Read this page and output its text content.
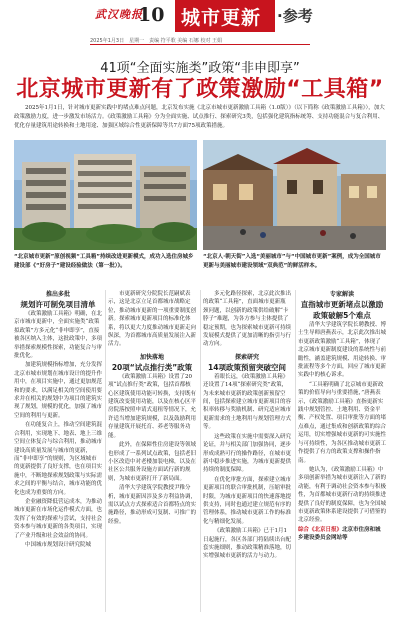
武汉晚报
10 城市更新 ·参考
2025年1月3日　星期一　责编 符平歌 美编 石娜 校对 王娟
41项“全面实施类”政策“非申即享”
北京城市更新有了政策激励“工具箱”

2025年1月1日，针对城市更新实践中的堵点难点问题，北京发布实施《北京市城市更新激励工具箱（1.0版）》（以下简称《政策激励工具箱》），加大政策激励力度，进一步激发市场活力。《政策激励工具箱》分为全面实施、试点推行、探索研究3类，包括强化建筑指标统筹、支持功能混合与复合利用、优化存量建筑用途转换和土地用途、加强区域综合性更新保障等共7方面75项政策措施。

“北京城市更新”原创视频“工具箱”持续改进更新模式，成功入选住房城乡建设部《“好房子”建设经验做法（第一批）》。
“北京人·朝天街”入选“美丽城市”与“中国城市更新”案例，成为全国城市更新与美丽城市建设领域“双典范”的鲜活样本。
推出多批
规划许可制免项目清单

《政策激励工具箱》明确，在北京市城市更新中，全面实施类“政策拟政策”方多元化“非申即享”，直接被各区纳入主体，这批政策中，多项举措探索规模性探索，功能复合与审批优化。

加建筑规模指标增加，充分发挥北京市城市规划在城市设计的提升作用中，在项目实施中，通过更加规范和的要求，以满足相关的空间使用要求并在相关的规划中为项目的建筑实现了规划，规模的优化，加强了城市空间的利用与更新。

在功能复合上，推动空间建筑混合利用，实现地下、地表、地上三维空间立体复合与综合利用，推动城市建设高质量发展与城市的更新，而“非申即享”的规则，为区域城市的更新提供了良好支撑，也在项目实施中，不断地探索规划政策与实际需求之间的平衡与结合，城市功能的优化也成为重要的方向。

企业融资降低营运成本，为推动城市更新在市场化运作模式方面，也发挥了有效的探索与尝试，支持社会资本参与城市更新的各类项目，实现了产业升级和社会效益的协同。

中国城市规划设计研究院城

市更新研究分院院长范嗣斌表示，这是北京立足首都城市战略定位，推动城市更新的一项重要制度创新。探索城市更新项目的标准化体系，将以更大力度推动城市更新走向纵深，为首都城市高质量发展注入新活力。

加快落地
20项“试点推行类”政策

《政策激励工具箱》设置了20项“试点推行类”政策，包括首都核心区建筑使用功能可转换，支持既有建筑改变使用功能，以及在核心区平房院落按照申请式退租等情况下，允许适当增加建筑规模，以及鼓励利用存量建筑开展托育、养老等服务功能。

此外，在保障性住房建设等领域也形成了一系列试点政策，包括老旧小区改造中对老楼加装电梯，以及在社区公共服务设施方面试行新的规则，为城市更新打开了新局面。

清华大学建筑学院教授尹稚分析，城市更新因涉及多方利益协调，需以试点方式探索适合首都特点的实施路径，推动形成可复制、可推广的经验。

多元化路径探索，北京此次推出的政策“工具箱”，直面城市更新瓶颈问题，以创新的政策供给破解“卡脖子”难题，为各方参与主体提供了稳定预期，也为探索城市更新可持续发展模式提供了更加清晰的指引与行动方向。

探索研究
14项政策预留突破空间

着眼长远，《政策激励工具箱》还设置了14项“探索研究类”政策，为未来城市更新的政策创新预留空间，包括探索建立城市更新项目的容积率转移与奖励机制、研究适应城市更新需求的土地利用与规划管理方式等。

这些政策在实施中需要深入研究论证，并与相关部门加强协同，逐步形成成熟可行的操作路径，在城市更新中稳步推进实施，为城市更新提供持续的制度保障。

在优化审批方面，探索建立城市更新项目的联合审批机制，压缩审批时限，为城市更新项目的快速落地提供支持，同时也通过建立规范有序的管理体系，推动城市更新工作的标准化与精细化发展。

《政策激励工具箱》已于1月1日起施行，各区各部门将陆续出台配套实施细则，推动政策精准落地，切实增强城市更新的活力与动力。

专家解读
直指城市更新堵点以激励政策破解5个难点

清华大学建筑学院长聘教授、博士生导师唐燕表示，北京此次推出城市更新政策激励“工具箱”，体现了北京城市更新制度建设的系统性与前瞻性，涵盖建筑规模、用途转换、审批流程等多个方面，回应了城市更新实践中的核心诉求。

“工具箱明确了北京城市更新政策的价值导向与重要措施，”唐燕表示，《政策激励工具箱》直指更新实践中规划管控、土地利用、资金平衡、产权处置、项目审批等方面的堵点难点，通过集成和创新政策的综合运用，切实增强城市更新的可实施性与可持续性，为各区推动城市更新工作提供了有力的政策支撑和操作指南。

她认为，《政策激励工具箱》中多项创新举措为城市更新注入了新的动能，有利于调动社会资本参与积极性，为首都城市更新行动的持续推进提供了良好的制度保障，也为全国城市更新政策体系建设提供了可借鉴的北京经验。

综合《北京日报》北京市住房和城乡建设委员会网站等
